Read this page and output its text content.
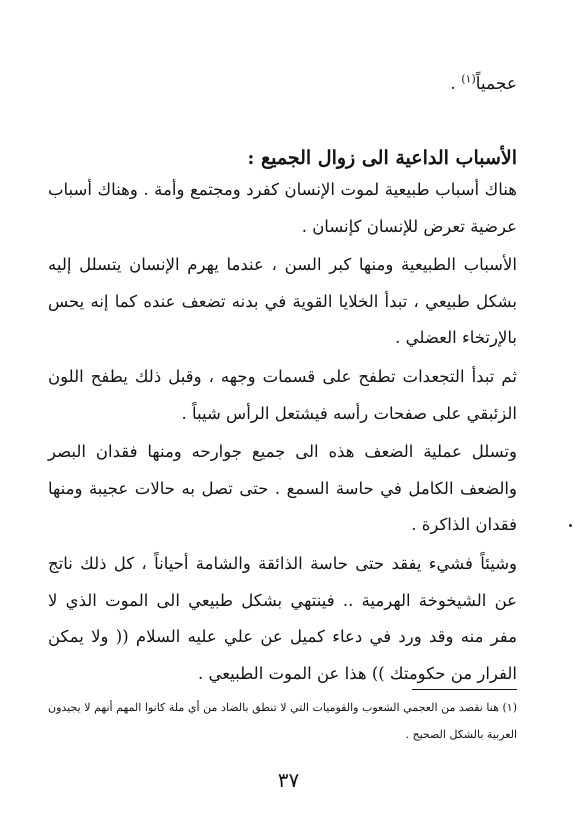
عجمياً$^{(١)}$ .
الأسباب الداعية الى زوال الجميع :

هناك أسباب طبيعية لموت الإنسان كفرد ومجتمع وأمة . وهناك أسباب عرضية تعرض للإنسان كإنسان .

الأسباب الطبيعية ومنها كبر السن ، عندما يهرم الإنسان يتسلل إليه بشكل طبيعي ، تبدأ الخلايا القوية في بدنه تضعف عنده كما إنه يحس بالإرتخاء العضلي .

ثم تبدأ التجعدات تطفح على قسمات وجهه ، وقبل ذلك يطفح اللون الزئبقي على صفحات رأسه فيشتعل الرأس شيباً .

وتسلل عملية الضعف هذه الى جميع جوارحه ومنها فقدان البصر والضعف الكامل في حاسة السمع . حتى تصل به حالات عجيبة ومنها فقدان الذاكرة .

وشيئاً فشيء يفقد حتى حاسة الذائقة والشامة أحياناً ، كل ذلك ناتج عن الشيخوخة الهرمية .. فينتهي بشكل طبيعي الى الموت الذي لا مفر منه وقد ورد في دعاء كميل عن علي عليه السلام (( ولا يمكن الفرار من حكومتك )) هذا عن الموت الطبيعي .

(١) هنا نقصد من العجمي الشعوب والقوميات التي لا تنطق بالضاد من أي ملة كانوا المهم أنهم لا يجيدون العربية بالشكل الصحيح .
٣٧
